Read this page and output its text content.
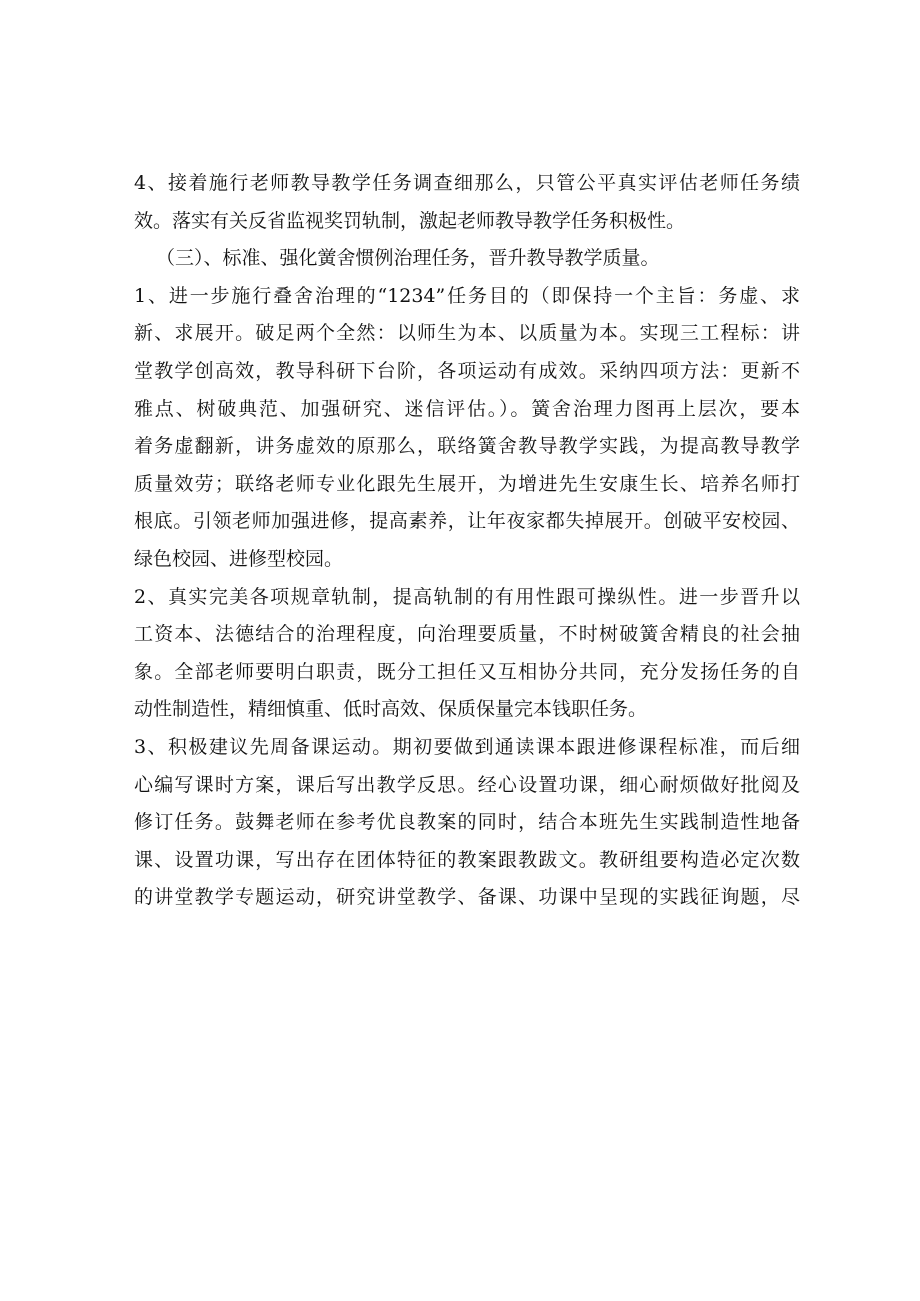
4、接着施行老师教导教学任务调查细那么，只管公平真实评估老师任务绩
效。落实有关反省监视奖罚轨制，激起老师教导教学任务积极性。
（三）、标准、强化黉舍惯例治理任务，晋升教导教学质量。
1、进一步施行叠舍治理的“1234”任务目的（即保持一个主旨：务虚、求
新、求展开。破足两个全然：以师生为本、以质量为本。实现三工程标：讲
堂教学创高效，教导科研下台阶，各项运动有成效。采纳四项方法：更新不
雅点、树破典范、加强研究、迷信评估。）。簧舍治理力图再上层次，要本
着务虚翻新，讲务虚效的原那么，联络簧舍教导教学实践，为提高教导教学
质量效劳；联络老师专业化跟先生展开，为增进先生安康生长、培养名师打
根底。引领老师加强进修，提高素养，让年夜家都失掉展开。创破平安校园、
绿色校园、进修型校园。
2、真实完美各项规章轨制，提高轨制的有用性跟可操纵性。进一步晋升以
工资本、法德结合的治理程度，向治理要质量，不时树破簧舍精良的社会抽
象。全部老师要明白职责，既分工担任又互相协分共同，充分发扬任务的自
动性制造性，精细慎重、低时高效、保质保量完本钱职任务。
3、积极建议先周备课运动。期初要做到通读课本跟进修课程标准，而后细
心编写课时方案，课后写出教学反思。经心设置功课，细心耐烦做好批阅及
修订任务。鼓舞老师在参考优良教案的同时，结合本班先生实践制造性地备
课、设置功课，写出存在团体特征的教案跟教跋文。教研组要构造必定次数
的讲堂教学专题运动，研究讲堂教学、备课、功课中呈现的实践征询题，尽
